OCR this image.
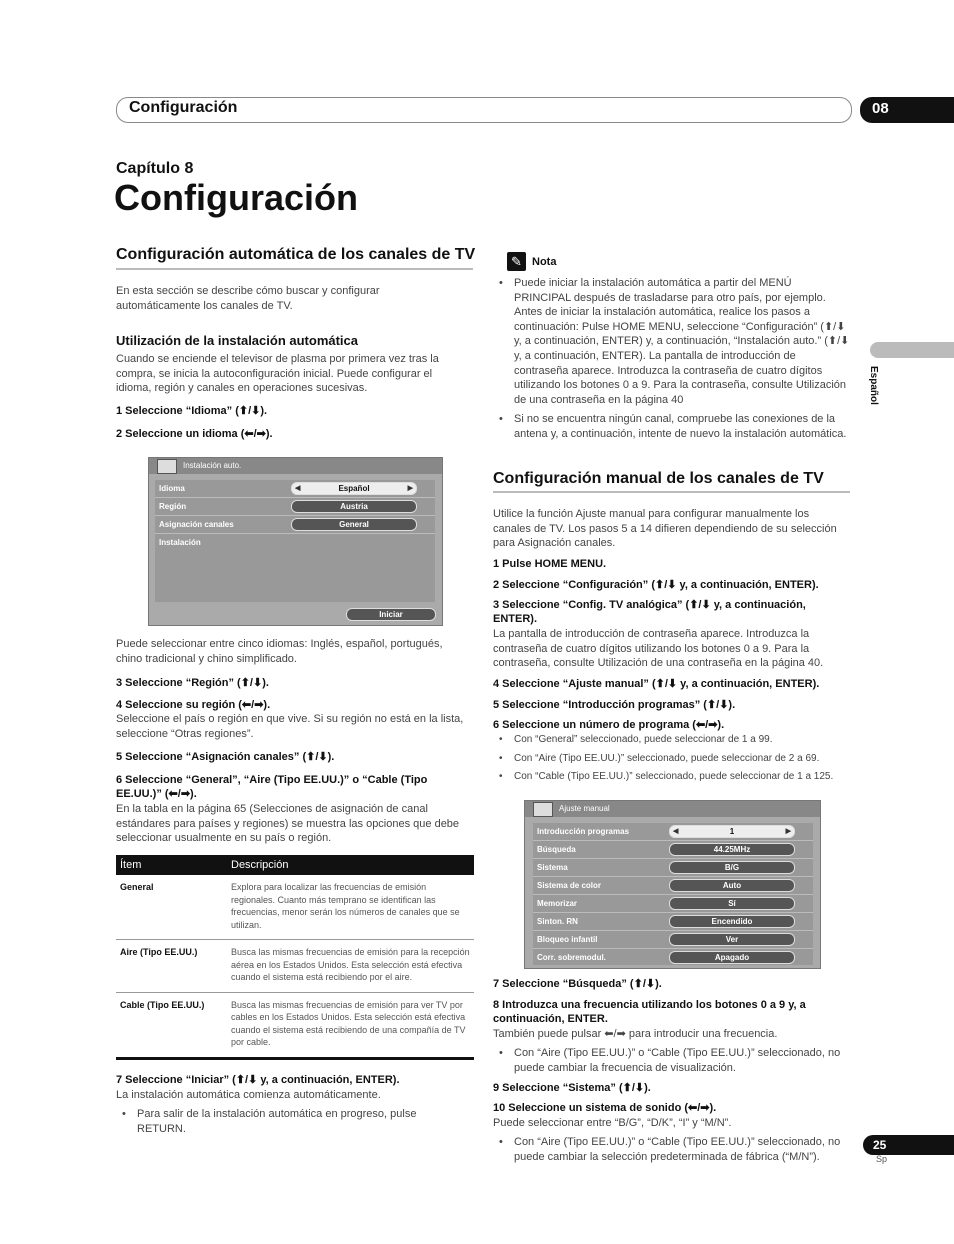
Configuración	08
Capítulo 8
Configuración
Español
Configuración automática de los canales de TV

En esta sección se describe cómo buscar y configurar automáticamente los canales de TV.

Utilización de la instalación automática

Cuando se enciende el televisor de plasma por primera vez tras la compra, se inicia la autoconfiguración inicial. Puede configurar el idioma, región y canales en operaciones sucesivas.

1 Seleccione “Idioma” (⬆/⬇).

2 Seleccione un idioma (⬅/➡).

Instalación auto.
Idioma	◀	Español	▶
Región	Austria
Asignación canales	General
Instalación
Iniciar

Puede seleccionar entre cinco idiomas: Inglés, español, portugués, chino tradicional y chino simplificado.

3 Seleccione “Región” (⬆/⬇).

4 Seleccione su región (⬅/➡).

Seleccione el país o región en que vive. Si su región no está en la lista, seleccione “Otras regiones”.

5 Seleccione “Asignación canales” (⬆/⬇).

6 Seleccione “General”, “Aire (Tipo EE.UU.)” o “Cable (Tipo EE.UU.)” (⬅/➡).

En la tabla en la página 65 (Selecciones de asignación de canal estándares para países y regiones) se muestra las opciones que debe seleccionar usualmente en su país o región.

Ítem	Descripción
General	Explora para localizar las frecuencias de emisión regionales. Cuanto más temprano se identifican las frecuencias, menor serán los números de canales que se utilizan.
Aire (Tipo EE.UU.)	Busca las mismas frecuencias de emisión para la recepción aérea en los Estados Unidos. Esta selección está efectiva cuando el sistema está recibiendo por el aire.
Cable (Tipo EE.UU.)	Busca las mismas frecuencias de emisión para ver TV por cables en los Estados Unidos. Esta selección está efectiva cuando el sistema está recibiendo de una compañía de TV por cable.

7 Seleccione “Iniciar” (⬆/⬇ y, a continuación, ENTER).

La instalación automática comienza automáticamente.

• Para salir de la instalación automática en progreso, pulse RETURN.

✎ Nota

• Puede iniciar la instalación automática a partir del MENÚ PRINCIPAL después de trasladarse para otro país, por ejemplo. Antes de iniciar la instalación automática, realice los pasos a continuación: Pulse HOME MENU, seleccione “Configuración” (⬆/⬇ y, a continuación, ENTER) y, a continuación, “Instalación auto.” (⬆/⬇ y, a continuación, ENTER). La pantalla de introducción de contraseña aparece. Introduzca la contraseña de cuatro dígitos utilizando los botones 0 a 9. Para la contraseña, consulte Utilización de una contraseña en la página 40

• Si no se encuentra ningún canal, compruebe las conexiones de la antena y, a continuación, intente de nuevo la instalación automática.

Configuración manual de los canales de TV

Utilice la función Ajuste manual para configurar manualmente los canales de TV. Los pasos 5 a 14 difieren dependiendo de su selección para Asignación canales.

1 Pulse HOME MENU.

2 Seleccione “Configuración” (⬆/⬇ y, a continuación, ENTER).

3 Seleccione “Config. TV analógica” (⬆/⬇ y, a continuación, ENTER).

La pantalla de introducción de contraseña aparece. Introduzca la contraseña de cuatro dígitos utilizando los botones 0 a 9. Para la contraseña, consulte Utilización de una contraseña en la página 40.

4 Seleccione “Ajuste manual” (⬆/⬇ y, a continuación, ENTER).

5 Seleccione “Introducción programas” (⬆/⬇).

6 Seleccione un número de programa (⬅/➡).

• Con “General” seleccionado, puede seleccionar de 1 a 99.

• Con “Aire (Tipo EE.UU.)” seleccionado, puede seleccionar de 2 a 69.

• Con “Cable (Tipo EE.UU.)” seleccionado, puede seleccionar de 1 a 125.

Ajuste manual
Introducción programas	◀	1	▶
Búsqueda	44.25MHz
Sistema	B/G
Sistema de color	Auto
Memorizar	Sí
Sinton. RN	Encendido
Bloqueo infantil	Ver
Corr. sobremodul.	Apagado

7 Seleccione “Búsqueda” (⬆/⬇).

8 Introduzca una frecuencia utilizando los botones 0 a 9 y, a continuación, ENTER.

También puede pulsar ⬅/➡ para introducir una frecuencia.

• Con “Aire (Tipo EE.UU.)” o “Cable (Tipo EE.UU.)” seleccionado, no puede cambiar la frecuencia de visualización.

9 Seleccione “Sistema” (⬆/⬇).

10 Seleccione un sistema de sonido (⬅/➡).

Puede seleccionar entre “B/G”, “D/K”, “I” y “M/N”.

• Con “Aire (Tipo EE.UU.)” o “Cable (Tipo EE.UU.)” seleccionado, no puede cambiar la selección predeterminada de fábrica (“M/N”).

25
Sp
